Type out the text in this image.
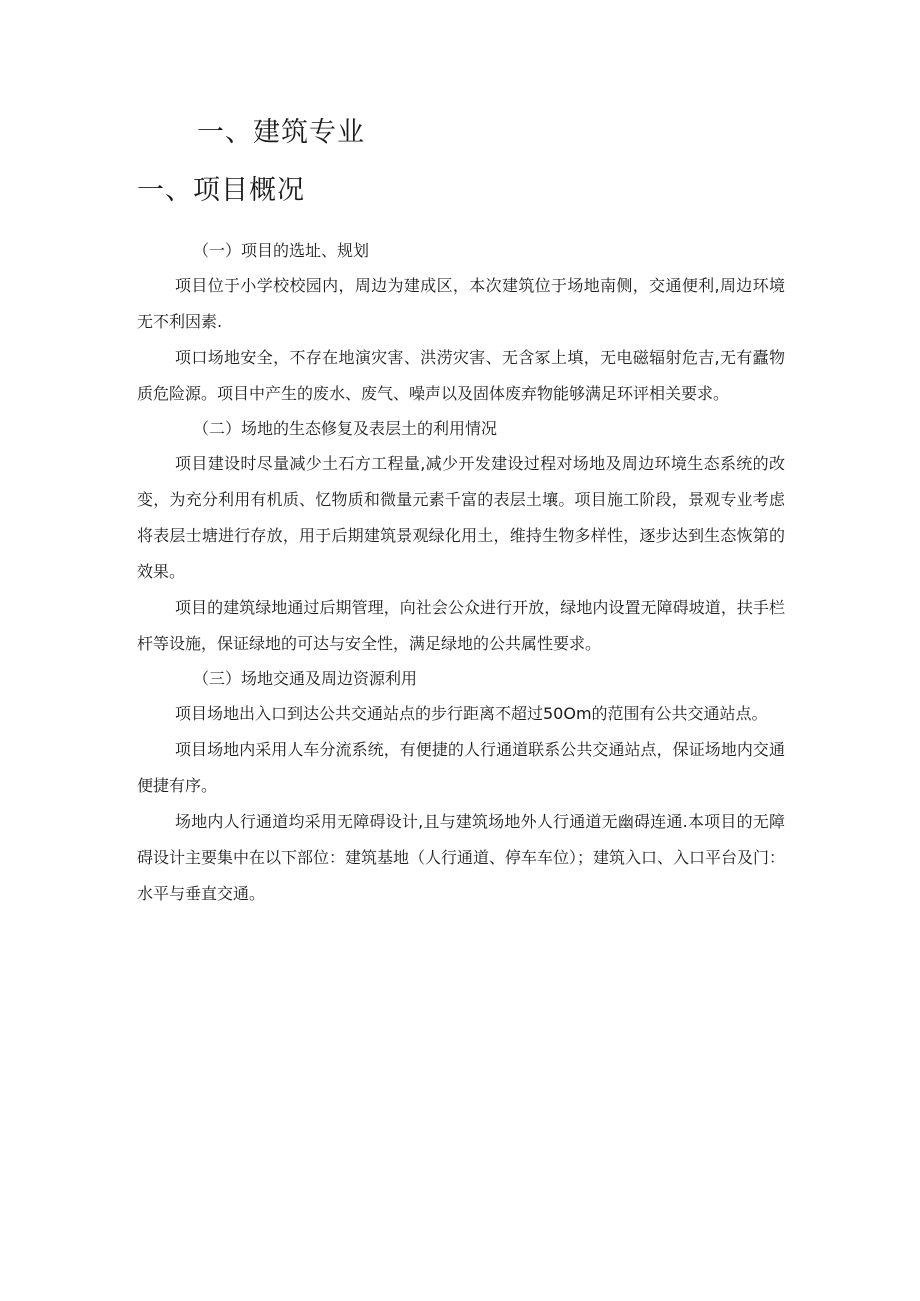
一、建筑专业
一、项目概况
（一）项目的选址、规划

项目位于小学校校园内，周边为建成区，本次建筑位于场地南侧，交通便利,周边环境无不利因素.

项口场地安全，不存在地演灾害、洪涝灾害、无含冢上填，无电磁辐射危吉,无有蠹物质危险源。项目中产生的废水、废气、噪声以及固体废弃物能够满足环评相关要求。

（二）场地的生态修复及表层土的利用情况

项目建设时尽量减少土石方工程量,减少开发建设过程对场地及周边环境生态系统的改变，为充分利用有机质、忆物质和微量元素千富的表层土壤。项目施工阶段，景观专业考虑将表层士塘进行存放，用于后期建筑景观绿化用土，维持生物多样性，逐步达到生态恢第的效果。

项目的建筑绿地通过后期管理，向社会公众进行开放，绿地内设置无障碍坡道，扶手栏杆等设施，保证绿地的可达与安全性，满足绿地的公共属性要求。

（三）场地交通及周边资源利用

项目场地出入口到达公共交通站点的步行距离不超过50Om的范围有公共交通站点。

项目场地内采用人车分流系统，有便捷的人行通道联系公共交通站点，保证场地内交通便捷有序。

场地内人行通道均采用无障碍设计,且与建筑场地外人行通道无幽碍连通.本项目的无障碍设计主要集中在以下部位：建筑基地（人行通道、停车车位）；建筑入口、入口平台及门：水平与垂直交通。
